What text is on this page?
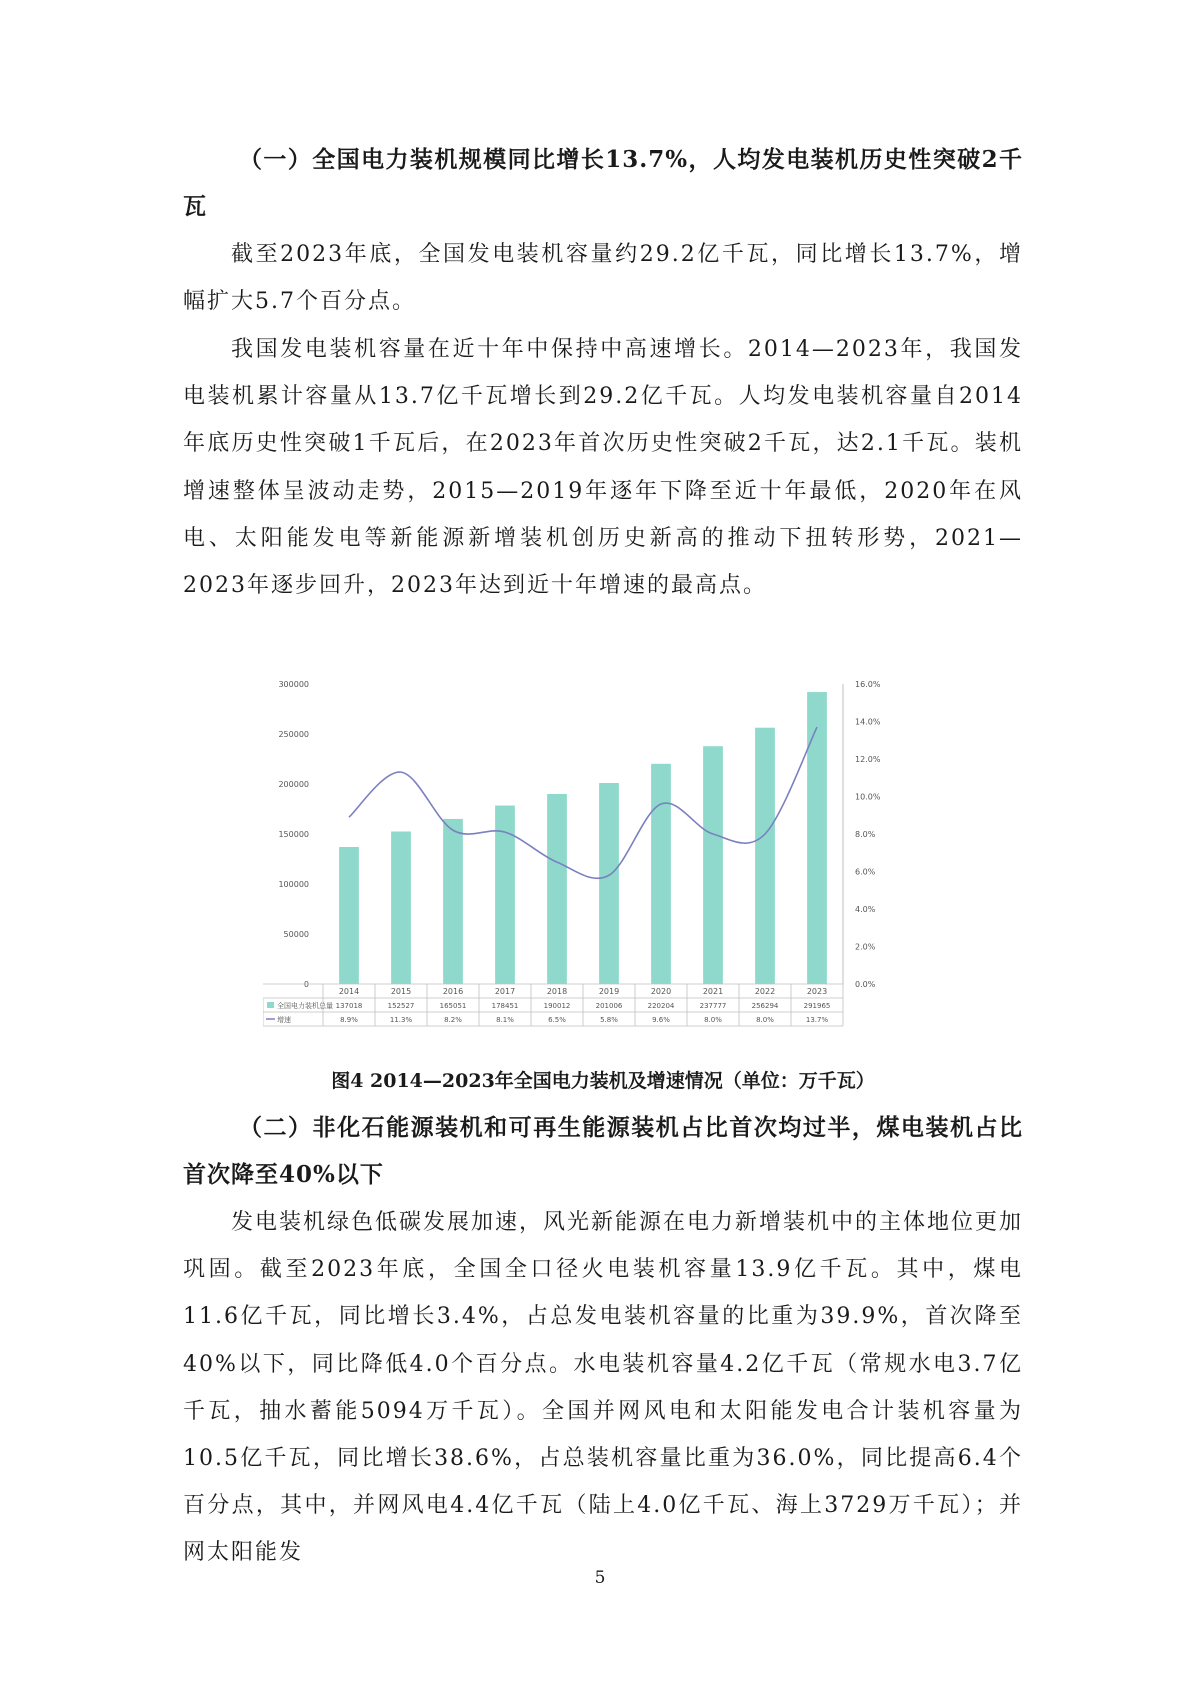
（一）全国电力装机规模同比增长13.7%，人均发电装机历史性突破2千瓦
截至2023年底，全国发电装机容量约29.2亿千瓦，同比增长13.7%，增幅扩大5.7个百分点。
我国发电装机容量在近十年中保持中高速增长。2014—2023年，我国发电装机累计容量从13.7亿千瓦增长到29.2亿千瓦。人均发电装机容量自2014年底历史性突破1千瓦后，在2023年首次历史性突破2千瓦，达2.1千瓦。装机增速整体呈波动走势，2015—2019年逐年下降至近十年最低，2020年在风电、太阳能发电等新能源新增装机创历史新高的推动下扭转形势，2021—2023年逐步回升，2023年达到近十年增速的最高点。
0
50000
100000
150000
200000
250000
300000
0.0%
2.0%
4.0%
6.0%
8.0%
10.0%
12.0%
14.0%
16.0%
2014
137018
8.9%
2015
152527
11.3%
2016
165051
8.2%
2017
178451
8.1%
2018
190012
6.5%
2019
201006
5.8%
2020
220204
9.6%
2021
237777
8.0%
2022
256294
8.0%
2023
291965
13.7%
全国电力装机总量
增速
图4 2014—2023年全国电力装机及增速情况（单位：万千瓦）
（二）非化石能源装机和可再生能源装机占比首次均过半，煤电装机占比首次降至40%以下
发电装机绿色低碳发展加速，风光新能源在电力新增装机中的主体地位更加巩固。截至2023年底，全国全口径火电装机容量13.9亿千瓦。其中，煤电11.6亿千瓦，同比增长3.4%，占总发电装机容量的比重为39.9%，首次降至40%以下，同比降低4.0个百分点。水电装机容量4.2亿千瓦（常规水电3.7亿千瓦，抽水蓄能5094万千瓦）。全国并网风电和太阳能发电合计装机容量为10.5亿千瓦，同比增长38.6%，占总装机容量比重为36.0%，同比提高6.4个百分点，其中，并网风电4.4亿千瓦（陆上4.0亿千瓦、海上3729万千瓦）；并网太阳能发
5
